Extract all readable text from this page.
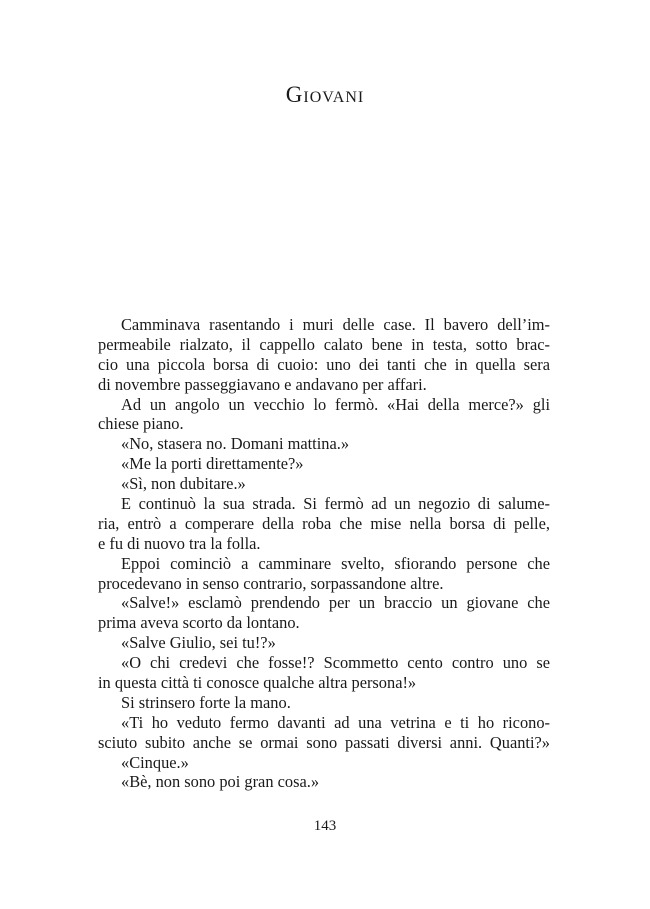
Giovani
Camminava rasentando i muri delle case. Il bavero dell’im-
permeabile rialzato, il cappello calato bene in testa, sotto brac-
cio una piccola borsa di cuoio: uno dei tanti che in quella sera
di novembre passeggiavano e andavano per affari.
Ad un angolo un vecchio lo fermò. «Hai della merce?» gli
chiese piano.
«No, stasera no. Domani mattina.»
«Me la porti direttamente?»
«Sì, non dubitare.»
E continuò la sua strada. Si fermò ad un negozio di salume-
ria, entrò a comperare della roba che mise nella borsa di pelle,
e fu di nuovo tra la folla.
Eppoi cominciò a camminare svelto, sfiorando persone che
procedevano in senso contrario, sorpassandone altre.
«Salve!» esclamò prendendo per un braccio un giovane che
prima aveva scorto da lontano.
«Salve Giulio, sei tu!?»
«O chi credevi che fosse!? Scommetto cento contro uno se
in questa città ti conosce qualche altra persona!»
Si strinsero forte la mano.
«Ti ho veduto fermo davanti ad una vetrina e ti ho ricono-
sciuto subito anche se ormai sono passati diversi anni. Quanti?»
«Cinque.»
«Bè, non sono poi gran cosa.»
143
